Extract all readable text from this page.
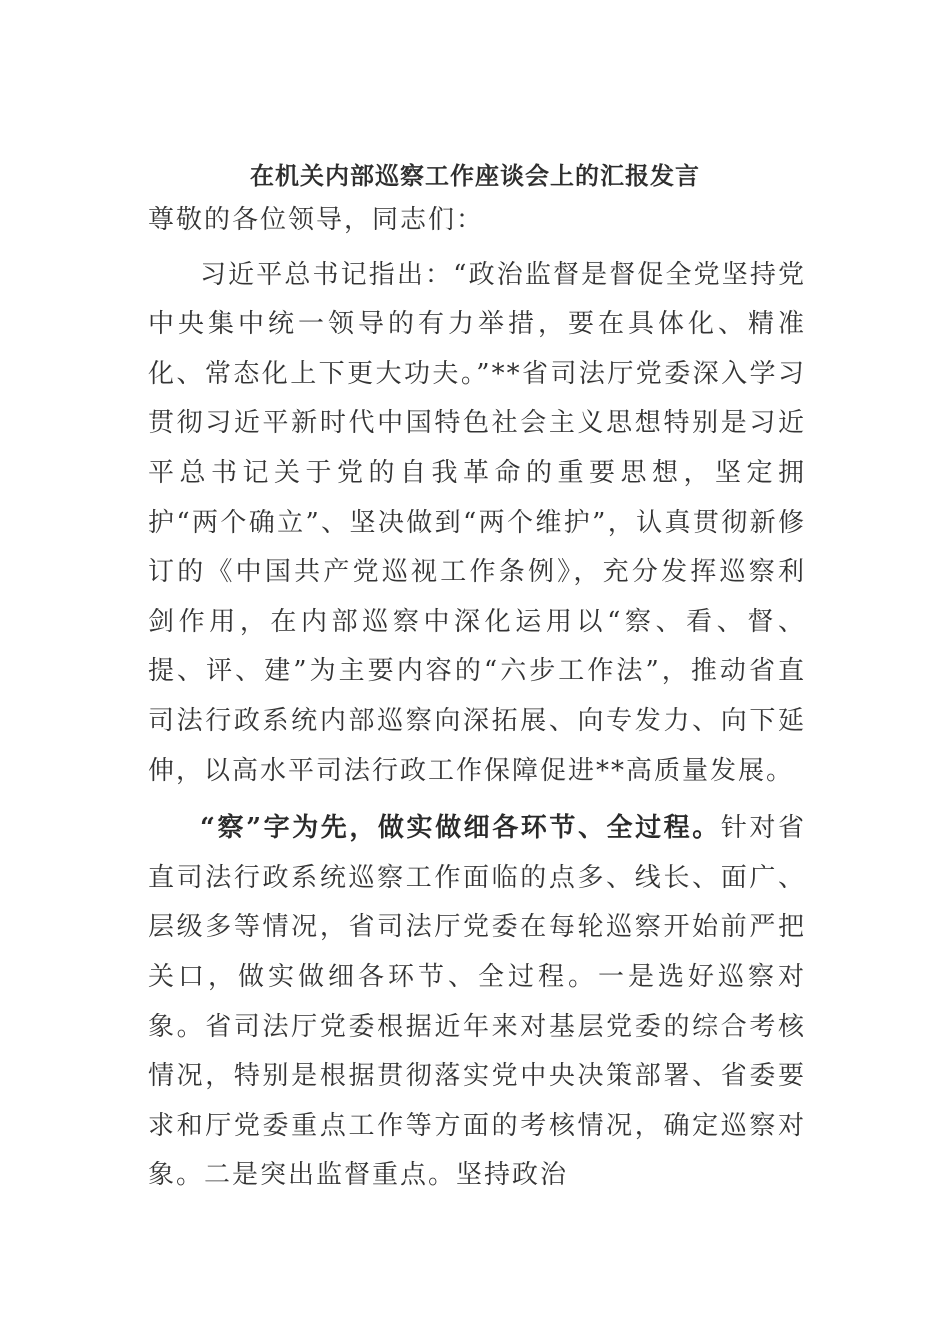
在机关内部巡察工作座谈会上的汇报发言

尊敬的各位领导，同志们：

习近平总书记指出：“政治监督是督促全党坚持党中央集中统一领导的有力举措，要在具体化、精准化、常态化上下更大功夫。”**省司法厅党委深入学习贯彻习近平新时代中国特色社会主义思想特别是习近平总书记关于党的自我革命的重要思想，坚定拥护“两个确立”、坚决做到“两个维护”，认真贯彻新修订的《中国共产党巡视工作条例》，充分发挥巡察利剑作用，在内部巡察中深化运用以“察、看、督、提、评、建”为主要内容的“六步工作法”，推动省直司法行政系统内部巡察向深拓展、向专发力、向下延伸，以高水平司法行政工作保障促进**高质量发展。

“察”字为先，做实做细各环节、全过程。针对省直司法行政系统巡察工作面临的点多、线长、面广、层级多等情况，省司法厅党委在每轮巡察开始前严把关口，做实做细各环节、全过程。一是选好巡察对象。省司法厅党委根据近年来对基层党委的综合考核情况，特别是根据贯彻落实党中央决策部署、省委要求和厅党委重点工作等方面的考核情况，确定巡察对象。二是突出监督重点。坚持政治
